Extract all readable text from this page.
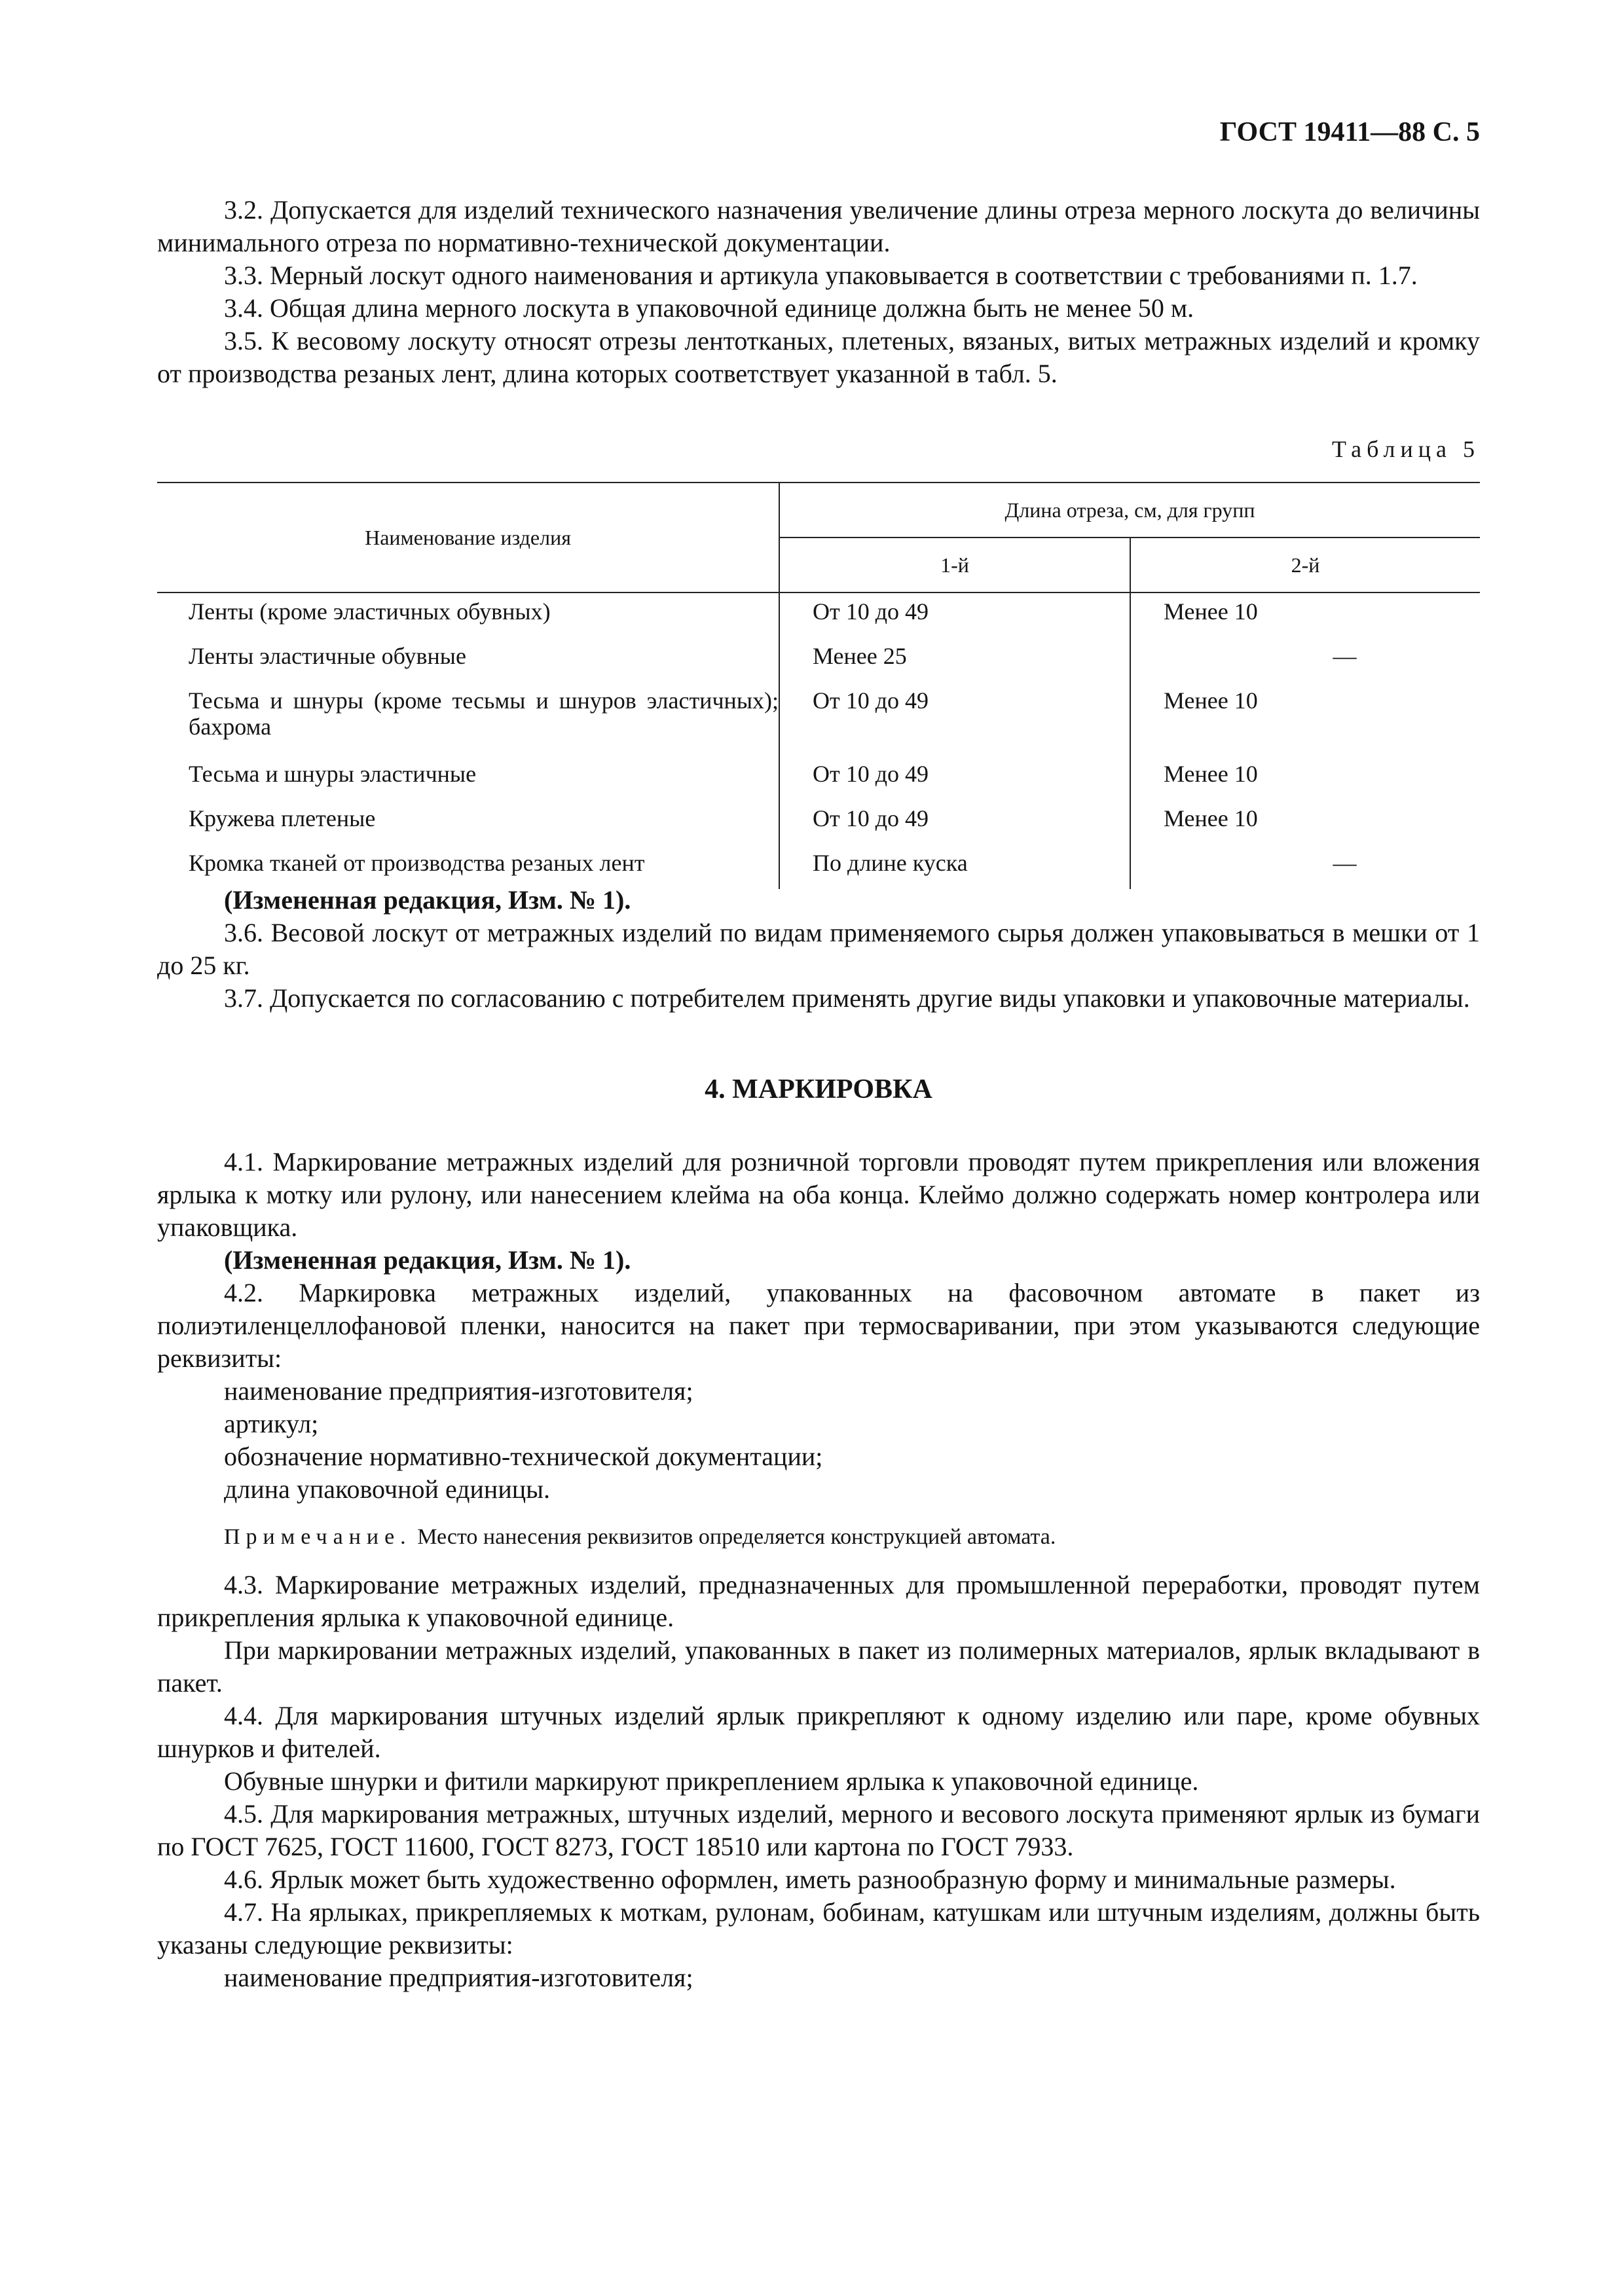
ГОСТ 19411—88 С. 5

3.2. Допускается для изделий технического назначения увеличение длины отреза мерного лоскута до величины минимального отреза по нормативно-технической документации.

3.3. Мерный лоскут одного наименования и артикула упаковывается в соответствии с требованиями п. 1.7.

3.4. Общая длина мерного лоскута в упаковочной единице должна быть не менее 50 м.

3.5. К весовому лоскуту относят отрезы лентотканых, плетеных, вязаных, витых метражных изделий и кромку от производства резаных лент, длина которых соответствует указанной в табл. 5.

Таблица 5
Наименование изделия	Длина отреза, см, для групп	
	1-й	2-й
Ленты (кроме эластичных обувных)	От 10 до 49	Менее 10
Ленты эластичные обувные	Менее 25	—

Тесьма и шнуры (кроме тесьмы и шнуров эластичных); бахрома	От 10 до 49	Менее 10
Тесьма и шнуры эластичные	От 10 до 49	Менее 10
Кружева плетеные	От 10 до 49	Менее 10
Кромка тканей от производства резаных лент	По длине куска	—

(Измененная редакция, Изм. № 1).

3.6. Весовой лоскут от метражных изделий по видам применяемого сырья должен упаковываться в мешки от 1 до 25 кг.

3.7. Допускается по согласованию с потребителем применять другие виды упаковки и упаковочные материалы.

4. МАРКИРОВКА

4.1. Маркирование метражных изделий для розничной торговли проводят путем прикрепления или вложения ярлыка к мотку или рулону, или нанесением клейма на оба конца. Клеймо должно содержать номер контролера или упаковщика.

(Измененная редакция, Изм. № 1).

4.2. Маркировка метражных изделий, упакованных на фасовочном автомате в пакет из полиэтиленцеллофановой пленки, наносится на пакет при термосваривании, при этом указываются следующие реквизиты:

наименование предприятия-изготовителя;
артикул;
обозначение нормативно-технической документации;
длина упаковочной единицы.
Примечание. Место нанесения реквизитов определяется конструкцией автомата.

4.3. Маркирование метражных изделий, предназначенных для промышленной переработки, проводят путем прикрепления ярлыка к упаковочной единице.

При маркировании метражных изделий, упакованных в пакет из полимерных материалов, ярлык вкладывают в пакет.

4.4. Для маркирования штучных изделий ярлык прикрепляют к одному изделию или паре, кроме обувных шнурков и фителей.

Обувные шнурки и фитили маркируют прикреплением ярлыка к упаковочной единице.

4.5. Для маркирования метражных, штучных изделий, мерного и весового лоскута применяют ярлык из бумаги по ГОСТ 7625, ГОСТ 11600, ГОСТ 8273, ГОСТ 18510 или картона по ГОСТ 7933.

4.6. Ярлык может быть художественно оформлен, иметь разнообразную форму и минимальные размеры.

4.7. На ярлыках, прикрепляемых к моткам, рулонам, бобинам, катушкам или штучным изделиям, должны быть указаны следующие реквизиты:

наименование предприятия-изготовителя;
